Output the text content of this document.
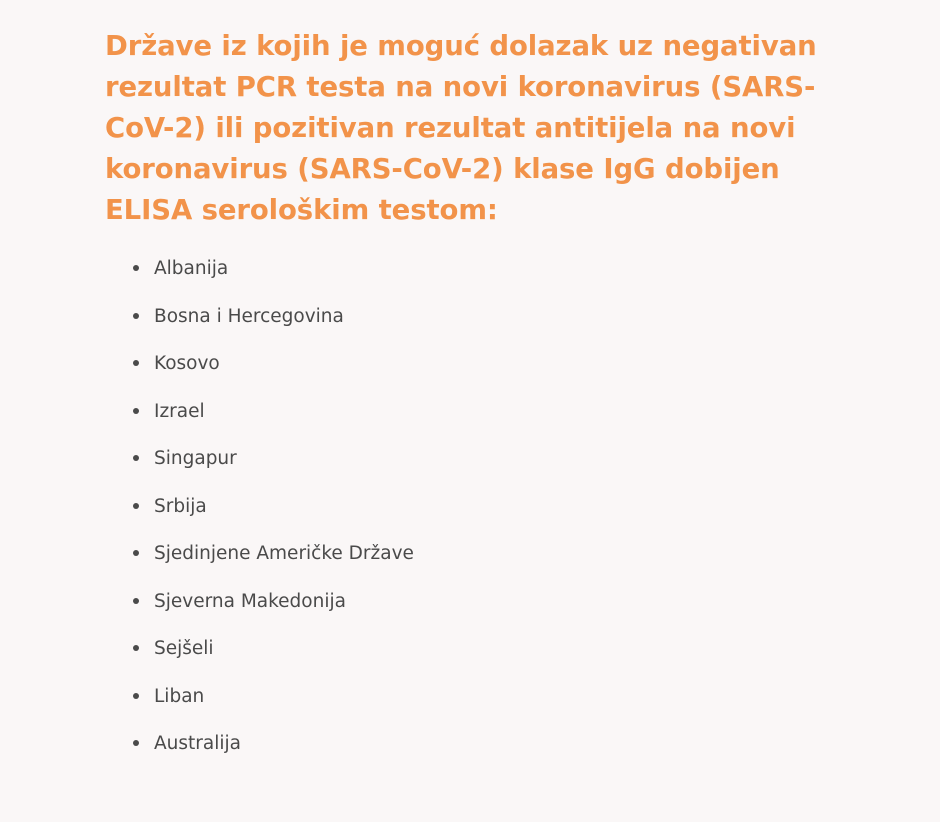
Države iz kojih je moguć dolazak uz negativan rezultat PCR testa na novi koronavirus (SARS-CoV-2) ili pozitivan rezultat antitijela na novi koronavirus (SARS-CoV-2) klase IgG dobijen ELISA serološkim testom:
Albanija
Bosna i Hercegovina
Kosovo
Izrael
Singapur
Srbija
Sjedinjene Američke Države
Sjeverna Makedonija
Sejšeli
Liban
Australija
